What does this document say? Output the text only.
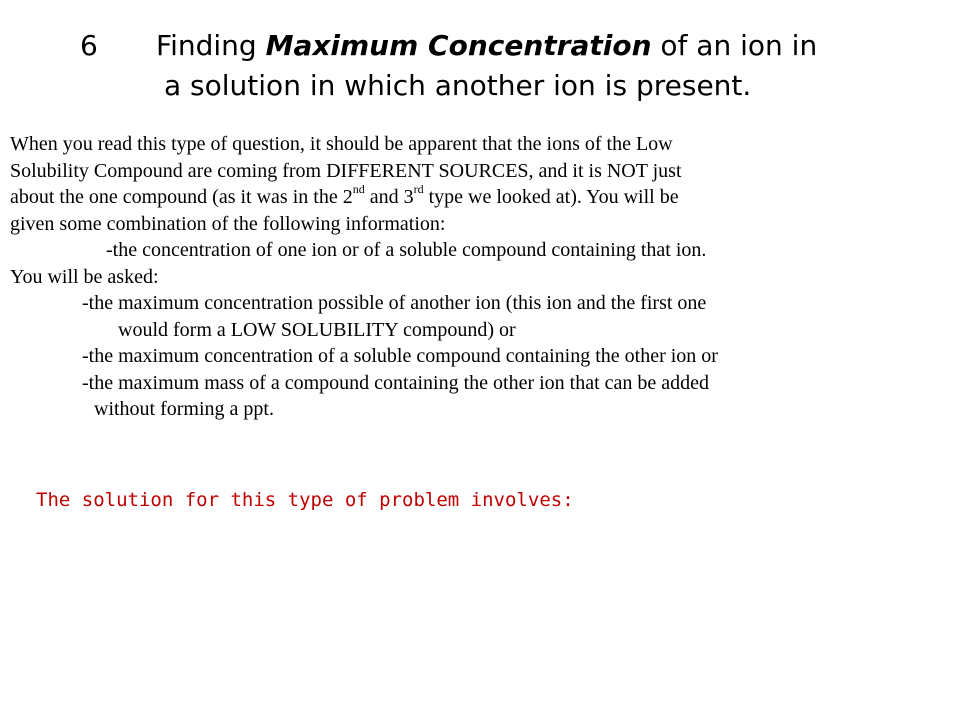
6 Finding Maximum Concentration of an ion in
a solution in which another ion is present.
When you read this type of question, it should be apparent that the ions of the Low
Solubility Compound are coming from DIFFERENT SOURCES, and it is NOT just
about the one compound (as it was in the 2nd and 3rd type we looked at). You will be
given some combination of the following information:
-the concentration of one ion or of a soluble compound containing that ion.
You will be asked:
-the maximum concentration possible of another ion (this ion and the first one
would form a LOW SOLUBILITY compound) or
-the maximum concentration of a soluble compound containing the other ion or
-the maximum mass of a compound containing the other ion that can be added
without forming a ppt.
The solution for this type of problem involves:
